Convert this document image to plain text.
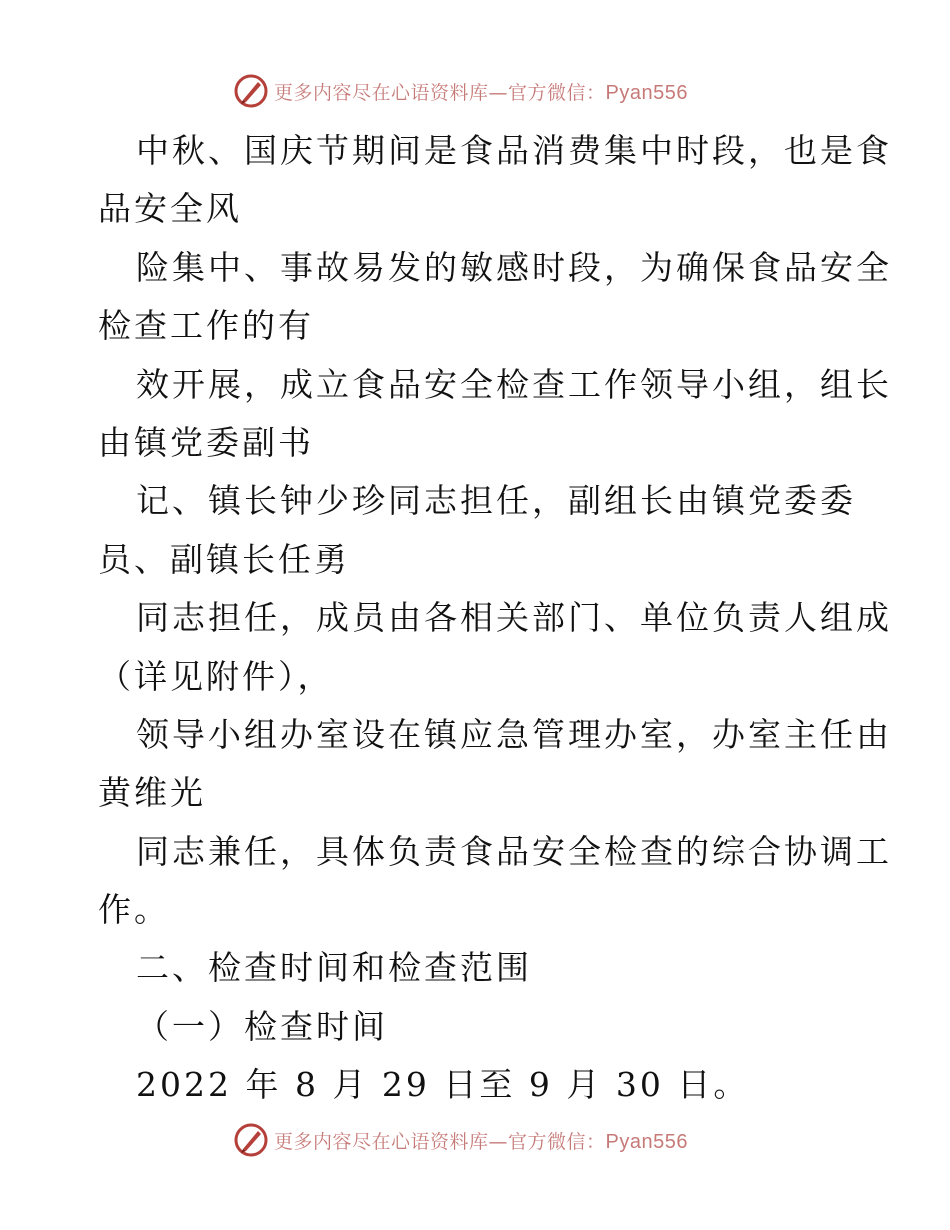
更多内容尽在心语资料库—官方微信：Pyan556
中秋、国庆节期间是食品消费集中时段，也是食
品安全风
险集中、事故易发的敏感时段，为确保食品安全
检查工作的有
效开展，成立食品安全检查工作领导小组，组长
由镇党委副书
记、镇长钟少珍同志担任，副组长由镇党委委
员、副镇长任勇
同志担任，成员由各相关部门、单位负责人组成
（详见附件），
领导小组办室设在镇应急管理办室，办室主任由
黄维光
同志兼任，具体负责食品安全检查的综合协调工
作。
二、检查时间和检查范围
（一）检查时间
2022 年 8 月 29 日至 9 月 30 日。
更多内容尽在心语资料库—官方微信：Pyan556
